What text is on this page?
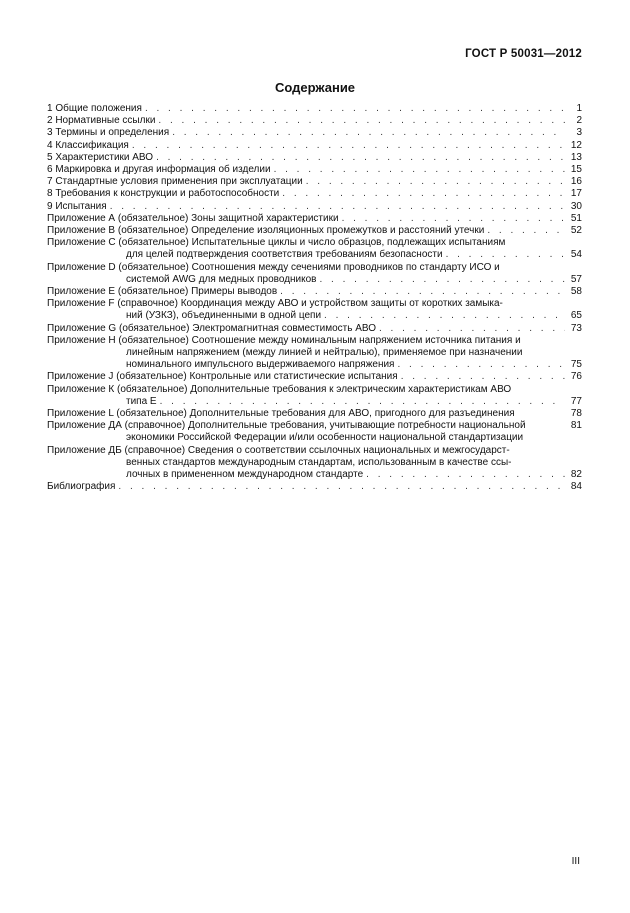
ГОСТ Р 50031—2012
Содержание
1 Общие положения . . .	1
2 Нормативные ссылки . . .	2
3 Термины и определения . . .	3
4 Классификация . . .	12
5 Характеристики АВО . . .	13
6 Маркировка и другая информация об изделии . . .	15
7 Стандартные условия применения при эксплуатации . . .	16
8 Требования к конструкции и работоспособности . . .	17
9 Испытания . . .	30
Приложение А (обязательное) Зоны защитной характеристики . . .	51
Приложение В (обязательное) Определение изоляционных промежутков и расстояний утечки . . .	52
Приложение С (обязательное) Испытательные циклы и число образцов, подлежащих испытаниям
для целей подтверждения соответствия требованиям безопасности . . .	54
Приложение D (обязательное) Соотношения между сечениями проводников по стандарту ИСО и
системой AWG для медных проводников . . .	57
Приложение Е (обязательное) Примеры выводов . . .	58
Приложение F (справочное) Координация между АВО и устройством защиты от коротких замыка-
ний (УЗКЗ), объединенными в одной цепи . . .	65
Приложение G (обязательное) Электромагнитная совместимость АВО . . .	73
Приложение Н (обязательное) Соотношение между номинальным напряжением источника питания и
линейным напряжением (между линией и нейтралью), применяемое при назначении
номинального импульсного выдерживаемого напряжения . . .	75
Приложение J (обязательное) Контрольные или статистические испытания . . .	76
Приложение К (обязательное) Дополнительные требования к электрическим характеристикам АВО
типа Е . . .	77
Приложение L (обязательное) Дополнительные требования для АВО, пригодного для разъединения	78
Приложение ДА (справочное) Дополнительные требования, учитывающие потребности национальной	81
экономики Российской Федерации и/или особенности национальной стандартизации
Приложение ДБ (справочное) Сведения о соответствии ссылочных национальных и межгосударст-
венных стандартов международным стандартам, использованным в качестве ссы-
лочных в примененном международном стандарте . . .	82
Библиография . . .	84
III
